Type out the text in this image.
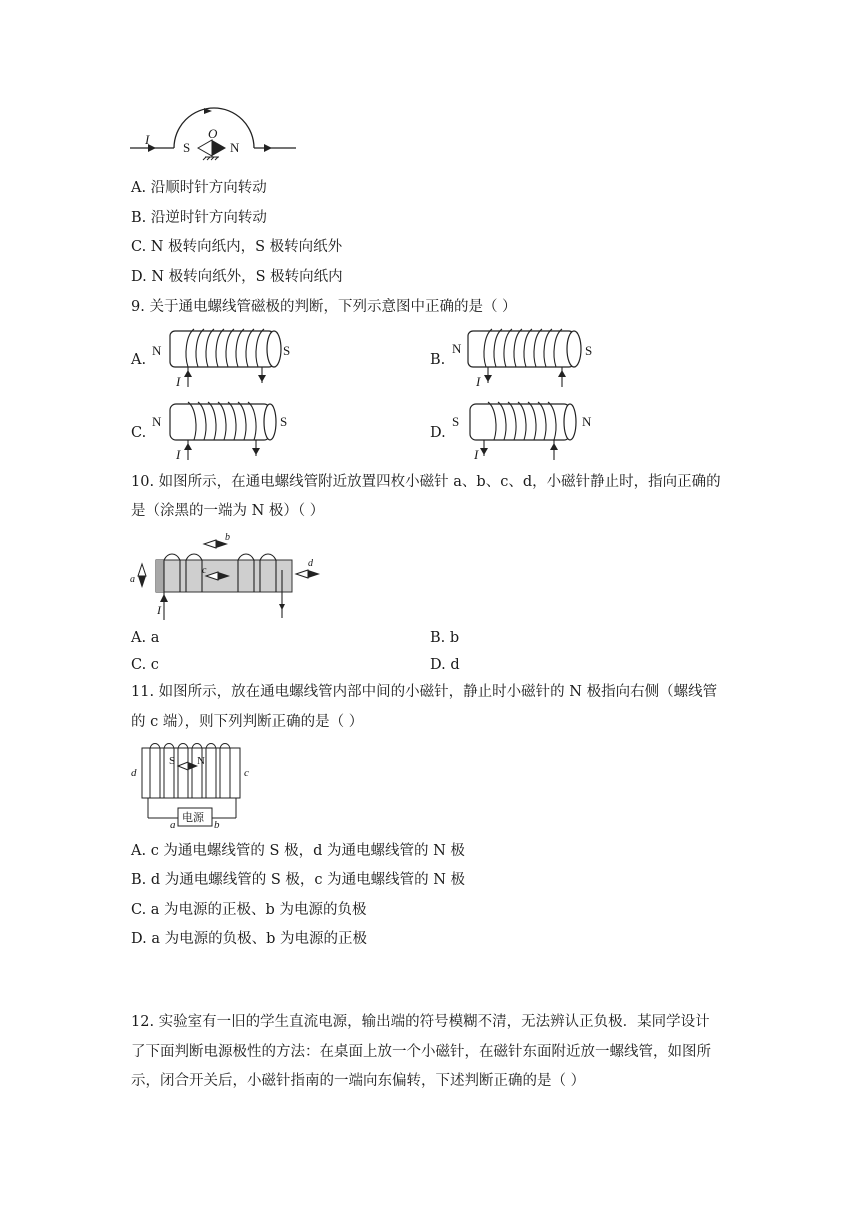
I
S	N
O
A. 沿顺时针方向转动
B. 沿逆时针方向转动
C. N 极转向纸内，S 极转向纸外
D. N 极转向纸外，S 极转向纸内
9. 关于通电螺线管磁极的判断，下列示意图中正确的是（ ）
A.
N	S
I
B.
N	S
I
C.
N	S
I
D.
S	N
I
10. 如图所示，在通电螺线管附近放置四枚小磁针 a、b、c、d，小磁针静止时，指向正确的
是（涂黑的一端为 N 极）（ ）
b
I
c
a
d
A. a	B. b
C. c	D. d
11. 如图所示，放在通电螺线管内部中间的小磁针，静止时小磁针的 N 极指向右侧（螺线管
的 c 端），则下列判断正确的是（ ）
d	c
S N
电源
a	b
A. c 为通电螺线管的 S 极，d 为通电螺线管的 N 极
B. d 为通电螺线管的 S 极，c 为通电螺线管的 N 极
C. a 为电源的正极、b 为电源的负极
D. a 为电源的负极、b 为电源的正极
12. 实验室有一旧的学生直流电源，输出端的符号模糊不清，无法辨认正负极．某同学设计
了下面判断电源极性的方法：在桌面上放一个小磁针，在磁针东面附近放一螺线管，如图所
示，闭合开关后，小磁针指南的一端向东偏转，下述判断正确的是（ ）
